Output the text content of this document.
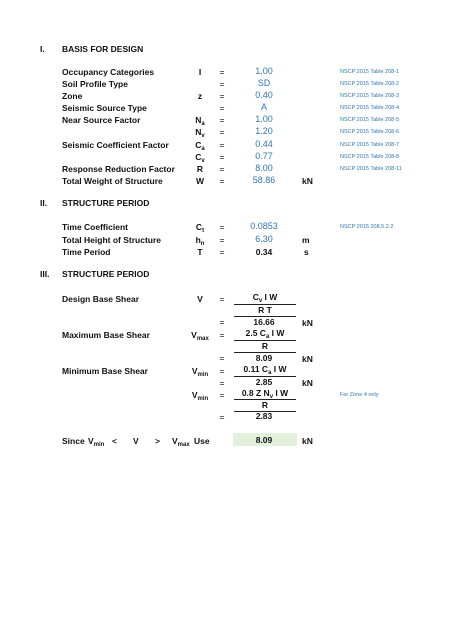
I. BASIS FOR DESIGN
Occupancy Categories	I	=	1.00	NSCP 2015 Table 208-1
Soil Profile Type	=	SD	NSCP 2015 Table 208-2
Zone	z	=	0.40	NSCP 2015 Table 208-3
Seismic Source Type	=	A	NSCP 2015 Table 208-4
Near Source Factor	$N_a$	=	1.00	NSCP 2015 Table 208-5
$N_v$	=	1.20	NSCP 2015 Table 208-6
Seismic Coefficient Factor	$C_a$	=	0.44	NSCP 2015 Table 208-7
$C_v$	=	0.77	NSCP 2015 Table 208-8
Response Reduction Factor	R	=	8.00	NSCP 2015 Table 208-11
Total Weight of Structure	W	=	58.86	kN
II. STRUCTURE PERIOD
Time Coefficient	$C_t$	=	0.0853	NSCP 2015 208.5.2.2
Total Height of Structure	$h_n$	=	6.30	m
Time Period	T	=	0.34	s
III. STRUCTURE PERIOD
Design Base Shear	V	=	$C_v$ I W
R T
=	16.66	kN
Maximum Base Shear	$V_{max}$	=	2.5 $C_a$ I W
R
=	8.09	kN
Minimum Base Shear	$V_{min}$	=	0.11 $C_a$ I W
=	2.85	kN
$V_{min}$	=	0.8 Z $N_v$ I W	For Zone 4 only
R
=	2.83
Since $V_{min} < V > V_{max}$ Use	8.09	kN
